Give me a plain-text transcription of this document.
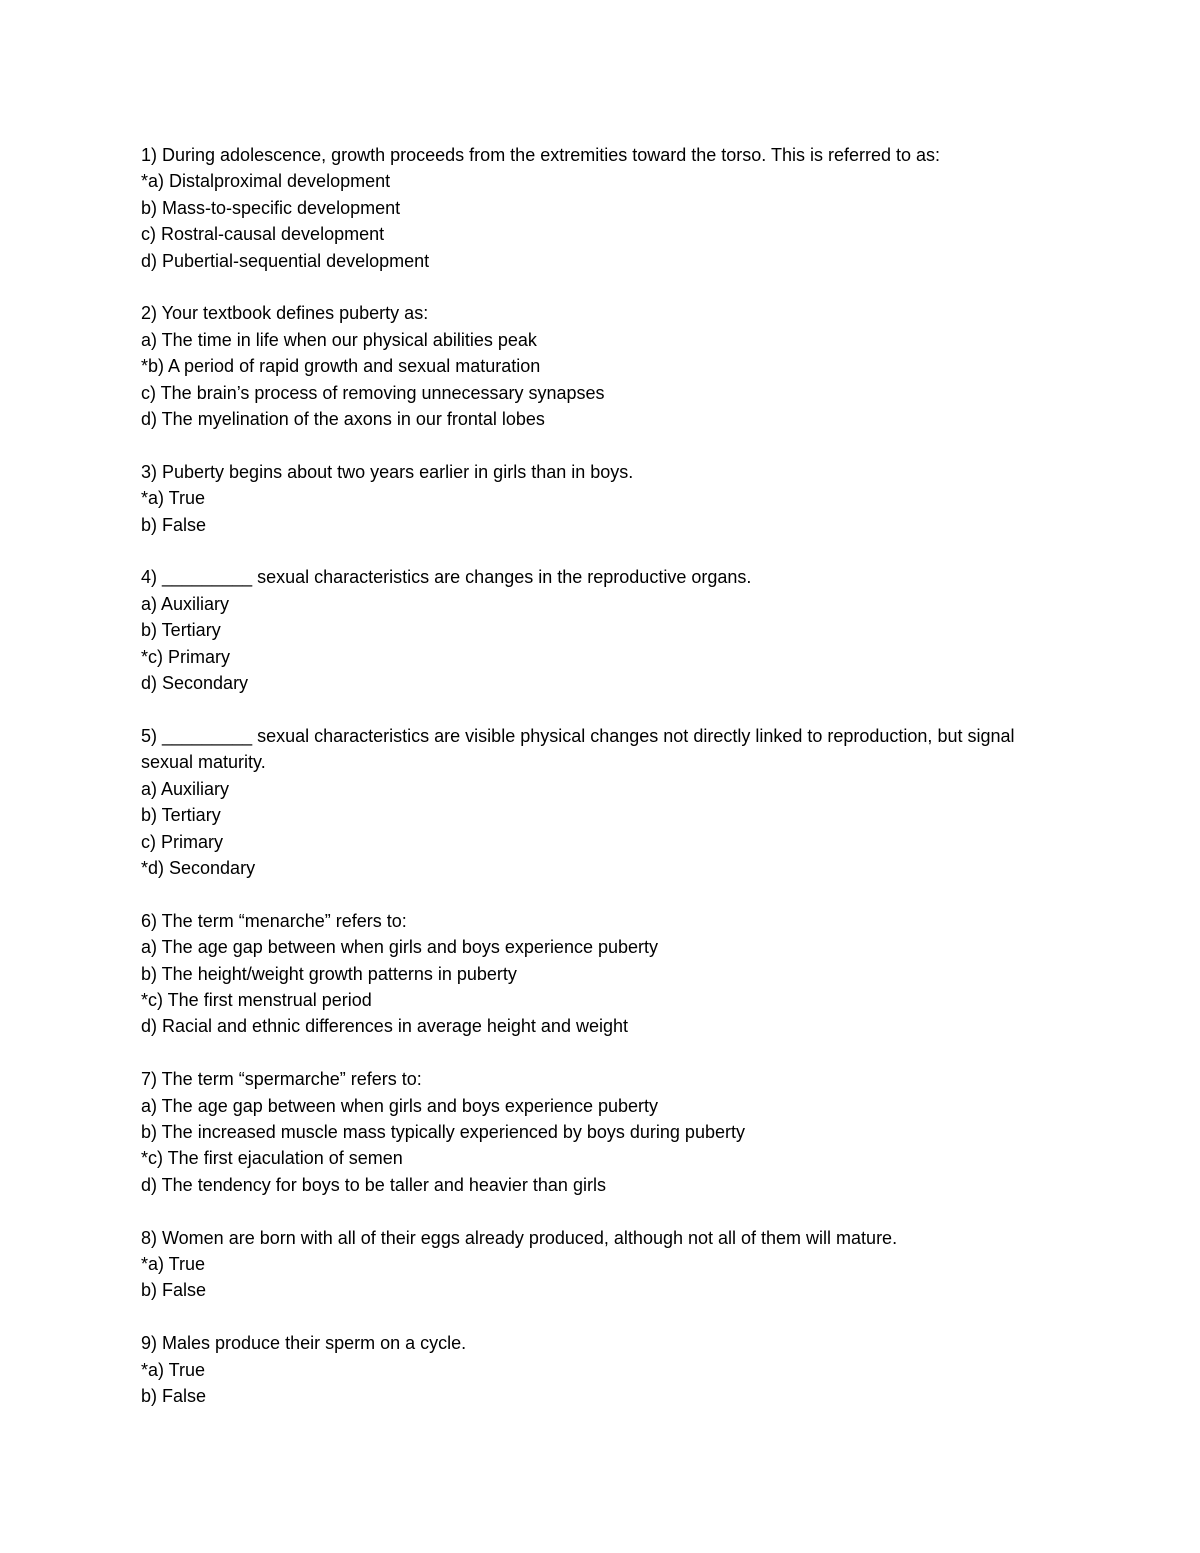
1) During adolescence, growth proceeds from the extremities toward the torso. This is referred to as:
*a) Distalproximal development
b) Mass-to-specific development
c) Rostral-causal development
d) Pubertial-sequential development
2) Your textbook defines puberty as:
a) The time in life when our physical abilities peak
*b) A period of rapid growth and sexual maturation
c) The brain’s process of removing unnecessary synapses
d) The myelination of the axons in our frontal lobes
3) Puberty begins about two years earlier in girls than in boys.
*a) True
b) False
4) _________ sexual characteristics are changes in the reproductive organs.
a) Auxiliary
b) Tertiary
*c) Primary
d) Secondary
5) _________ sexual characteristics are visible physical changes not directly linked to reproduction, but signal sexual maturity.
a) Auxiliary
b) Tertiary
c) Primary
*d) Secondary
6) The term “menarche” refers to:
a) The age gap between when girls and boys experience puberty
b) The height/weight growth patterns in puberty
*c) The first menstrual period
d) Racial and ethnic differences in average height and weight
7) The term “spermarche” refers to:
a) The age gap between when girls and boys experience puberty
b) The increased muscle mass typically experienced by boys during puberty
*c) The first ejaculation of semen
d) The tendency for boys to be taller and heavier than girls
8) Women are born with all of their eggs already produced, although not all of them will mature.
*a) True
b) False
9) Males produce their sperm on a cycle.
*a) True
b) False
